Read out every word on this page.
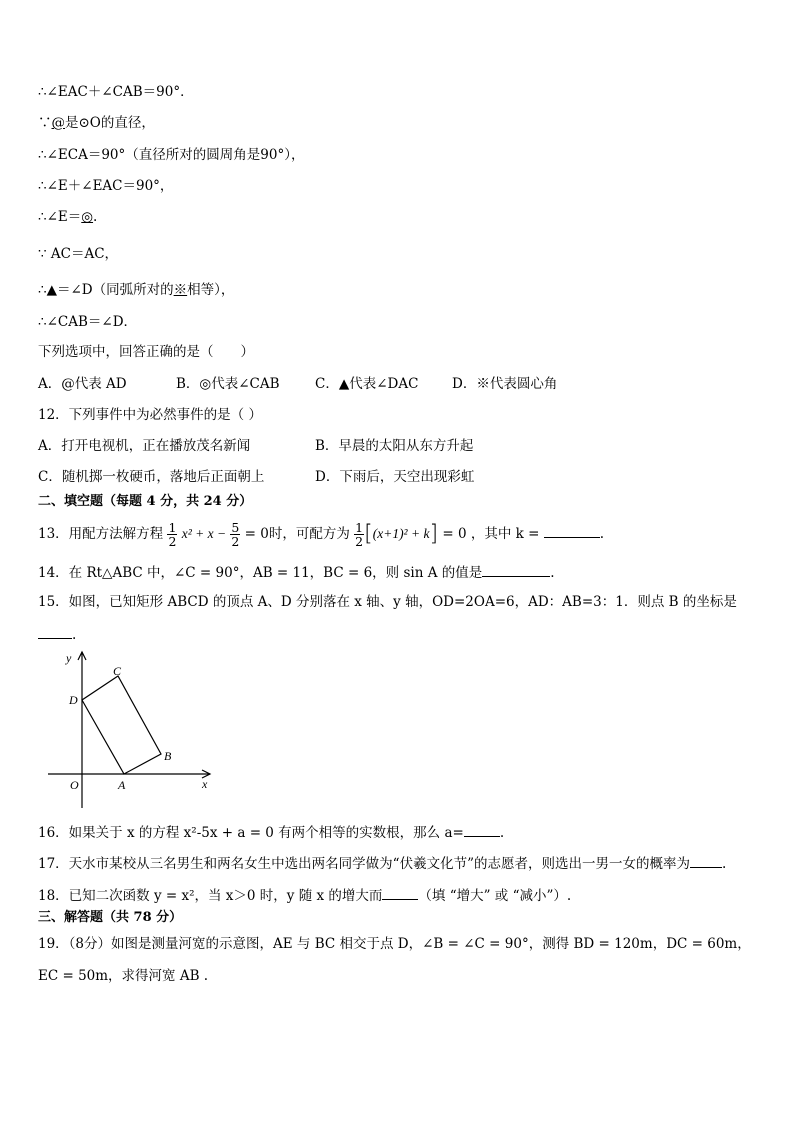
∴∠EAC＋∠CAB＝90°．
∵@是⊙O的直径，
∴∠ECA＝90°（直径所对的圆周角是90°），
∴∠E＋∠EAC＝90°，
∴∠E＝◎.
∵ AC＝AC，
∴▲＝∠D（同弧所对的※相等），
∴∠CAB＝∠D．
下列选项中，回答正确的是（　　）
A．@代表 AD	B．◎代表∠CAB	C．▲代表∠DAC D．※代表圆心角
12．下列事件中为必然事件的是（ ）
A．打开电视机，正在播放茂名新闻	B．早晨的太阳从东方升起
C．随机掷一枚硬币，落地后正面朝上	D．下雨后，天空出现彩虹
二、填空题（每题 4 分，共 24 分）
13．用配方法解方程 $\frac{1}{2} x^2 + x - \frac{5}{2} = 0$时，可配方为 $\frac{1}{2} [(x+1)^2 + k] = 0$ ，其中 k =	.
14．在 Rt△ABC 中，∠C = 90°，AB = 11，BC = 6，则 sin A 的值是	.
15．如图，已知矩形 ABCD 的顶点 A、D 分别落在 x 轴、y 轴，OD=2OA=6，AD：AB=3：1．则点 B 的坐标是
.
y
x
O	A
B
C
D
16．如果关于 x 的方程 x²-5x + a = 0 有两个相等的实数根，那么 a=	.
17．天水市某校从三名男生和两名女生中选出两名同学做为“伏羲文化节”的志愿者，则选出一男一女的概率为 .
18．已知二次函数 y = x²，当 x＞0 时，y 随 x 的增大而	（填 “增大” 或 “减小”）.
三、解答题（共 78 分）
19．（8分）如图是测量河宽的示意图，AE 与 BC 相交于点 D，∠B = ∠C = 90°，测得 BD = 120m，DC = 60m，
EC = 50m，求得河宽 AB .
